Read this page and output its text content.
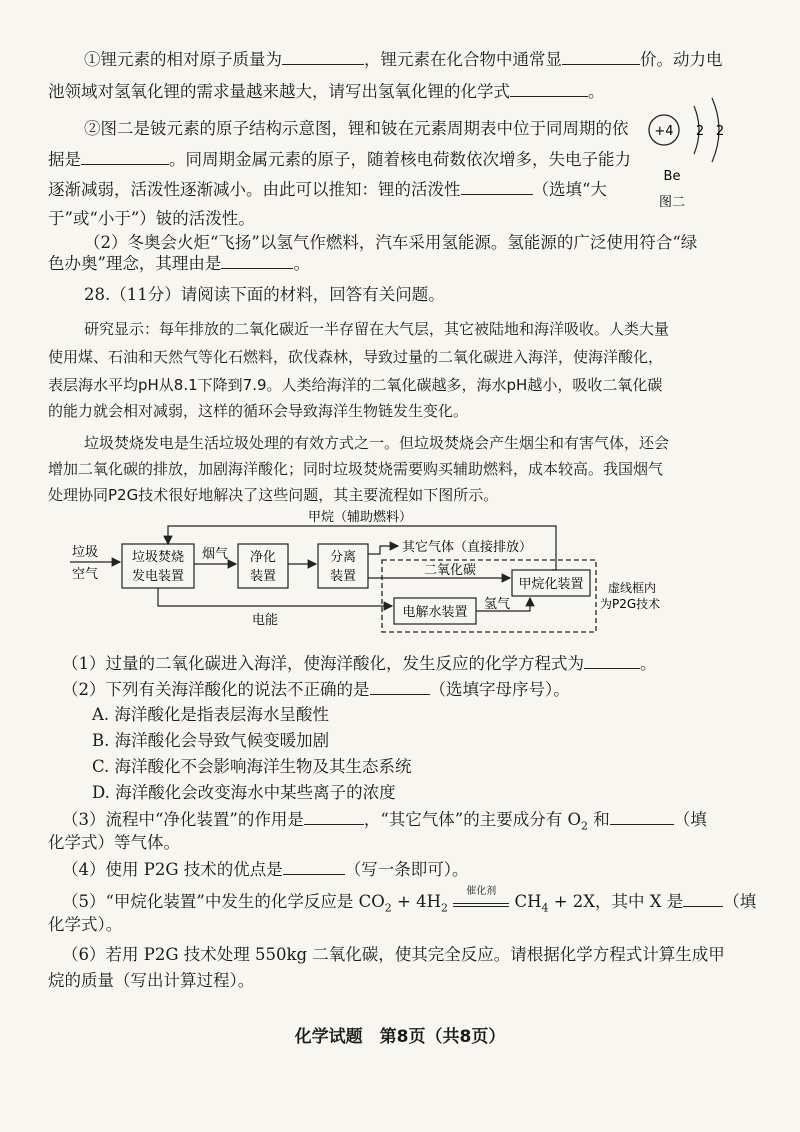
①锂元素的相对原子质量为	，锂元素在化合物中通常显	价。动力电
池领域对氢氧化锂的需求量越来越大，请写出氢氧化锂的化学式	。
②图二是铍元素的原子结构示意图，锂和铍在元素周期表中位于同周期的依
据是	。同周期金属元素的原子，随着核电荷数依次增多，失电子能力
逐渐减弱，活泼性逐渐减小。由此可以推知：锂的活泼性	（选填“大
于”或“小于”）铍的活泼性。
+4 2 2
Be
图二
（2）冬奥会火炬“飞扬”以氢气作燃料，汽车采用氢能源。氢能源的广泛使用符合“绿
色办奥”理念，其理由是	。
28.（11分）请阅读下面的材料，回答有关问题。
研究显示：每年排放的二氧化碳近一半存留在大气层，其它被陆地和海洋吸收。人类大量
使用煤、石油和天然气等化石燃料，砍伐森林，导致过量的二氧化碳进入海洋，使海洋酸化，
表层海水平均pH从8.1下降到7.9。人类给海洋的二氧化碳越多，海水pH越小，吸收二氧化碳
的能力就会相对减弱，这样的循环会导致海洋生物链发生变化。
垃圾焚烧发电是生活垃圾处理的有效方式之一。但垃圾焚烧会产生烟尘和有害气体，还会
增加二氧化碳的排放，加剧海洋酸化；同时垃圾焚烧需要购买辅助燃料，成本较高。我国烟气
处理协同P2G技术很好地解决了这些问题，其主要流程如下图所示。
甲烷（辅助燃料）
垃圾
空气
垃圾焚烧
发电装置
烟气 净化
装置
分离
装置
其它气体（直接排放）
二氧化碳
甲烷化装置
电解水装置
氢气
电能
虚线框内
为P2G技术
（1）过量的二氧化碳进入海洋，使海洋酸化，发生反应的化学方程式为	。
（2）下列有关海洋酸化的说法不正确的是	（选填字母序号）。
A. 海洋酸化是指表层海水呈酸性
B. 海洋酸化会导致气候变暖加剧
C. 海洋酸化不会影响海洋生物及其生态系统
D. 海洋酸化会改变海水中某些离子的浓度
（3）流程中“净化装置”的作用是	，“其它气体”的主要成分有 $O_2$ 和	（填
化学式）等气体。
（4）使用 P2G 技术的优点是	（写一条即可）。
（5）“甲烷化装置”中发生的化学反应是 $CO_2 + 4H_2$
催化剂
$CH_4 + 2X$，其中 X 是 （填
化学式）。
（6）若用 P2G 技术处理 550kg 二氧化碳，使其完全反应。请根据化学方程式计算生成甲
烷的质量（写出计算过程）。
化学试题　第8页（共8页）
